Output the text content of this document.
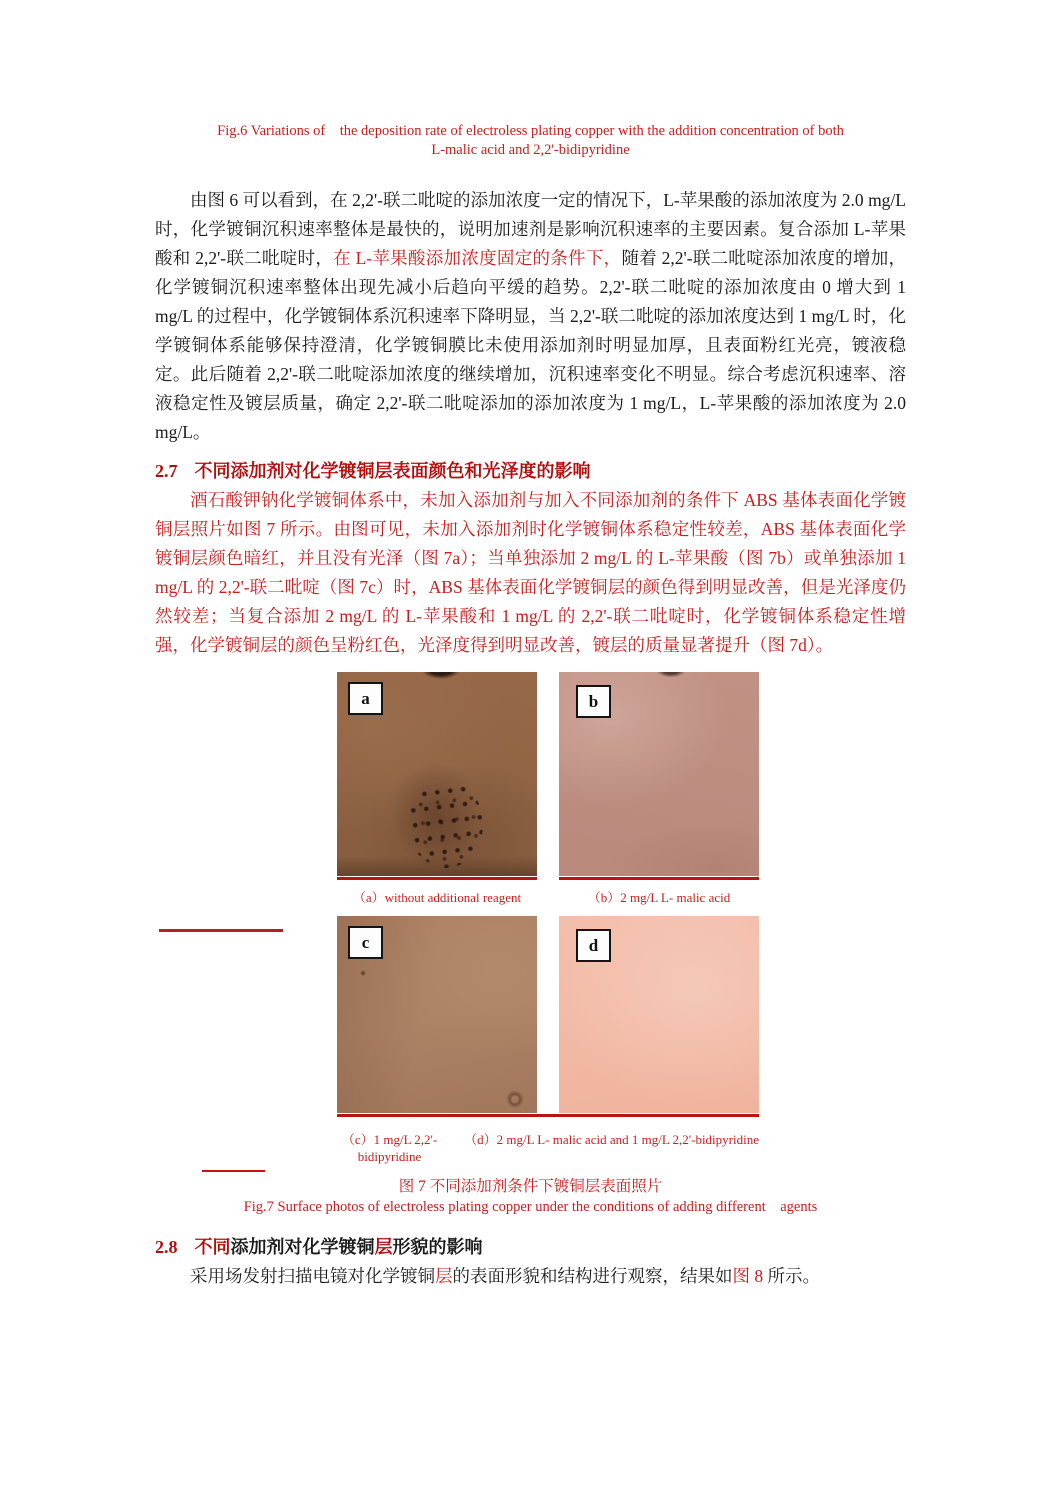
Fig.6 Variations of the deposition rate of electroless plating copper with the addition concentration of both
L-malic acid and 2,2'-bidipyridine

由图 6 可以看到，在 2,2'-联二吡啶的添加浓度一定的情况下，L-苹果酸的添加浓度为 2.0 mg/L 时，化学镀铜沉积速率整体是最快的，说明加速剂是影响沉积速率的主要因素。复合添加 L-苹果酸和 2,2'-联二吡啶时，在 L-苹果酸添加浓度固定的条件下，随着 2,2'-联二吡啶添加浓度的增加，化学镀铜沉积速率整体出现先减小后趋向平缓的趋势。2,2'-联二吡啶的添加浓度由 0 增大到 1 mg/L 的过程中，化学镀铜体系沉积速率下降明显，当 2,2'-联二吡啶的添加浓度达到 1 mg/L 时，化学镀铜体系能够保持澄清，化学镀铜膜比未使用添加剂时明显加厚，且表面粉红光亮，镀液稳定。此后随着 2,2'-联二吡啶添加浓度的继续增加，沉积速率变化不明显。综合考虑沉积速率、溶液稳定性及镀层质量，确定 2,2'-联二吡啶添加的添加浓度为 1 mg/L，L-苹果酸的添加浓度为 2.0 mg/L。

2.7 不同添加剂对化学镀铜层表面颜色和光泽度的影响

酒石酸钾钠化学镀铜体系中，未加入添加剂与加入不同添加剂的条件下 ABS 基体表面化学镀铜层照片如图 7 所示。由图可见，未加入添加剂时化学镀铜体系稳定性较差，ABS 基体表面化学镀铜层颜色暗红，并且没有光泽（图 7a）；当单独添加 2 mg/L 的 L-苹果酸（图 7b）或单独添加 1 mg/L 的 2,2'-联二吡啶（图 7c）时，ABS 基体表面化学镀铜层的颜色得到明显改善，但是光泽度仍然较差；当复合添加 2 mg/L 的 L-苹果酸和 1 mg/L 的 2,2'-联二吡啶时，化学镀铜体系稳定性增强，化学镀铜层的颜色呈粉红色，光泽度得到明显改善，镀层的质量显著提升（图 7d）。

a
（a）without additional reagent
b
（b）2 mg/L L- malic acid
c	d
（c）1 mg/L 2,2'-bidipyridine
（d）2 mg/L L- malic acid and 1 mg/L 2,2'-bidipyridine
图 7 不同添加剂条件下镀铜层表面照片
Fig.7 Surface photos of electroless plating copper under the conditions of adding different agents
2.8 不同添加剂对化学镀铜层形貌的影响

采用场发射扫描电镜对化学镀铜层的表面形貌和结构进行观察，结果如图 8 所示。
